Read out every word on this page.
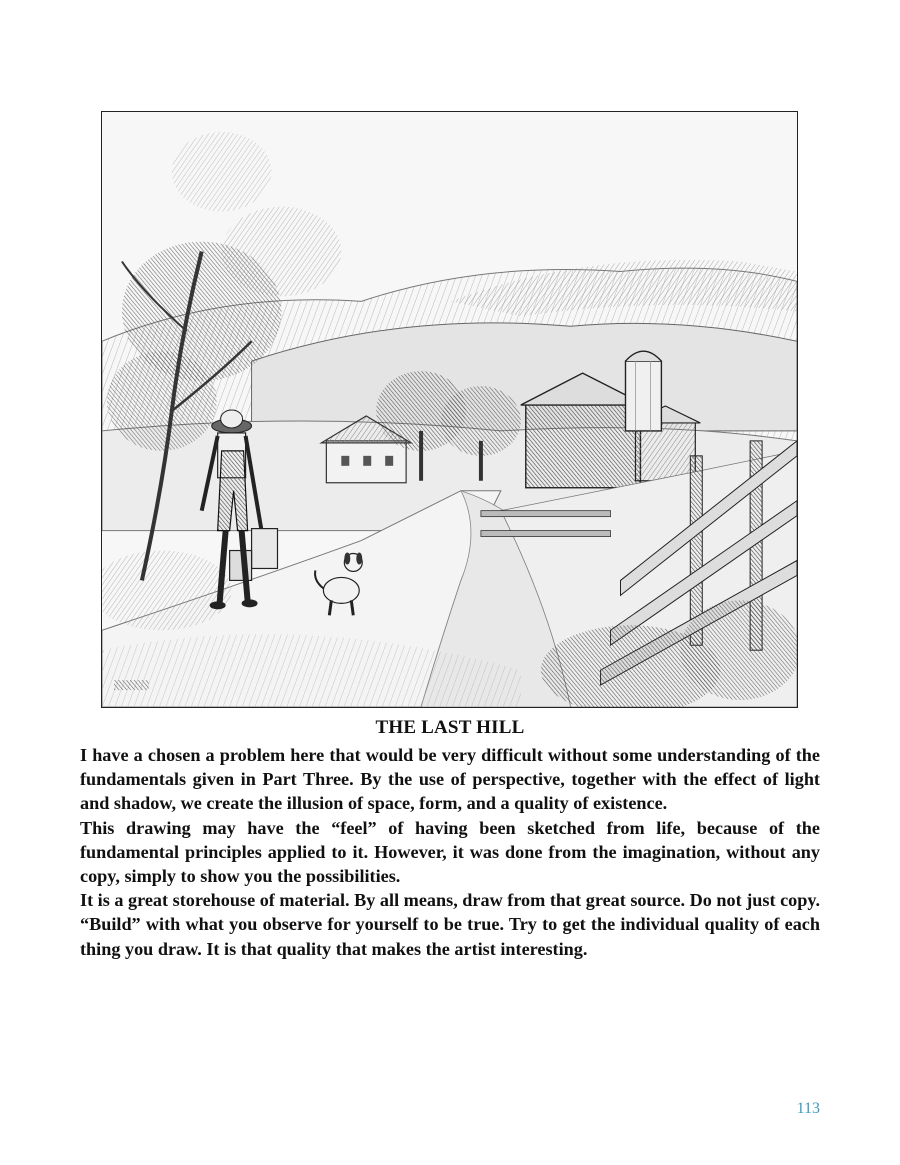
THE LAST HILL

I have a chosen a problem here that would be very difficult without some understanding of the fundamentals given in Part Three. By the use of perspective, together with the effect of light and shadow, we create the illusion of space, form, and a quality of existence.

This drawing may have the “feel” of having been sketched from life, because of the fundamental principles applied to it. However, it was done from the imagination, without any copy, simply to show you the possibilities.

It is a great storehouse of material. By all means, draw from that great source. Do not just copy. “Build” with what you observe for yourself to be true. Try to get the individual quality of each thing you draw. It is that quality that makes the artist interesting.

113
